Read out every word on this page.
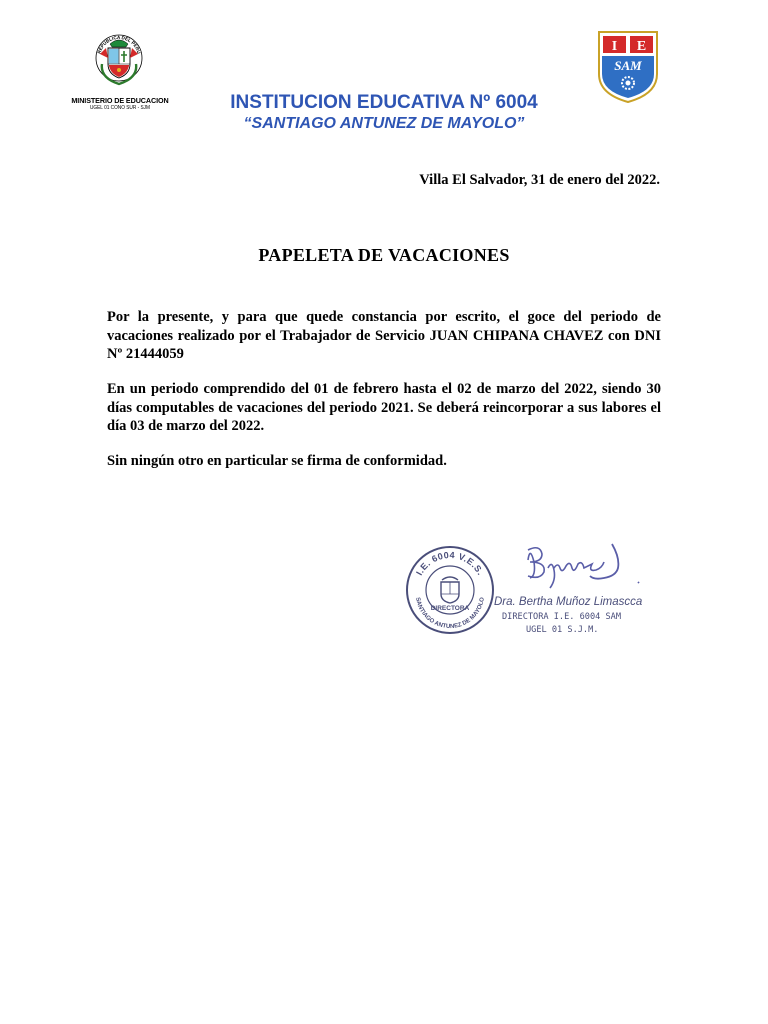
REPUBLICA DEL PERU
MINISTERIO DE EDUCACION
UGEL 01 CONO SUR - SJM
I E
SAM
INSTITUCION EDUCATIVA Nº 6004
“SANTIAGO ANTUNEZ DE MAYOLO”
Villa El Salvador, 31 de enero del 2022.
PAPELETA DE VACACIONES
Por la presente, y para que quede constancia por escrito, el goce del periodo de vacaciones realizado por el Trabajador de Servicio JUAN CHIPANA CHAVEZ con DNI Nº 21444059
En un periodo comprendido del 01 de febrero hasta el 02 de marzo del 2022, siendo 30 días computables de vacaciones del periodo 2021. Se deberá reincorporar a sus labores el día 03 de marzo del 2022.
Sin ningún otro en particular se firma de conformidad.
I.E. 6004 V.E.S.
SANTIAGO ANTUNEZ DE MAYOLO
DIRECTORA
Dra. Bertha Muñoz Limascca
DIRECTORA I.E. 6004 SAM
UGEL 01 S.J.M.
